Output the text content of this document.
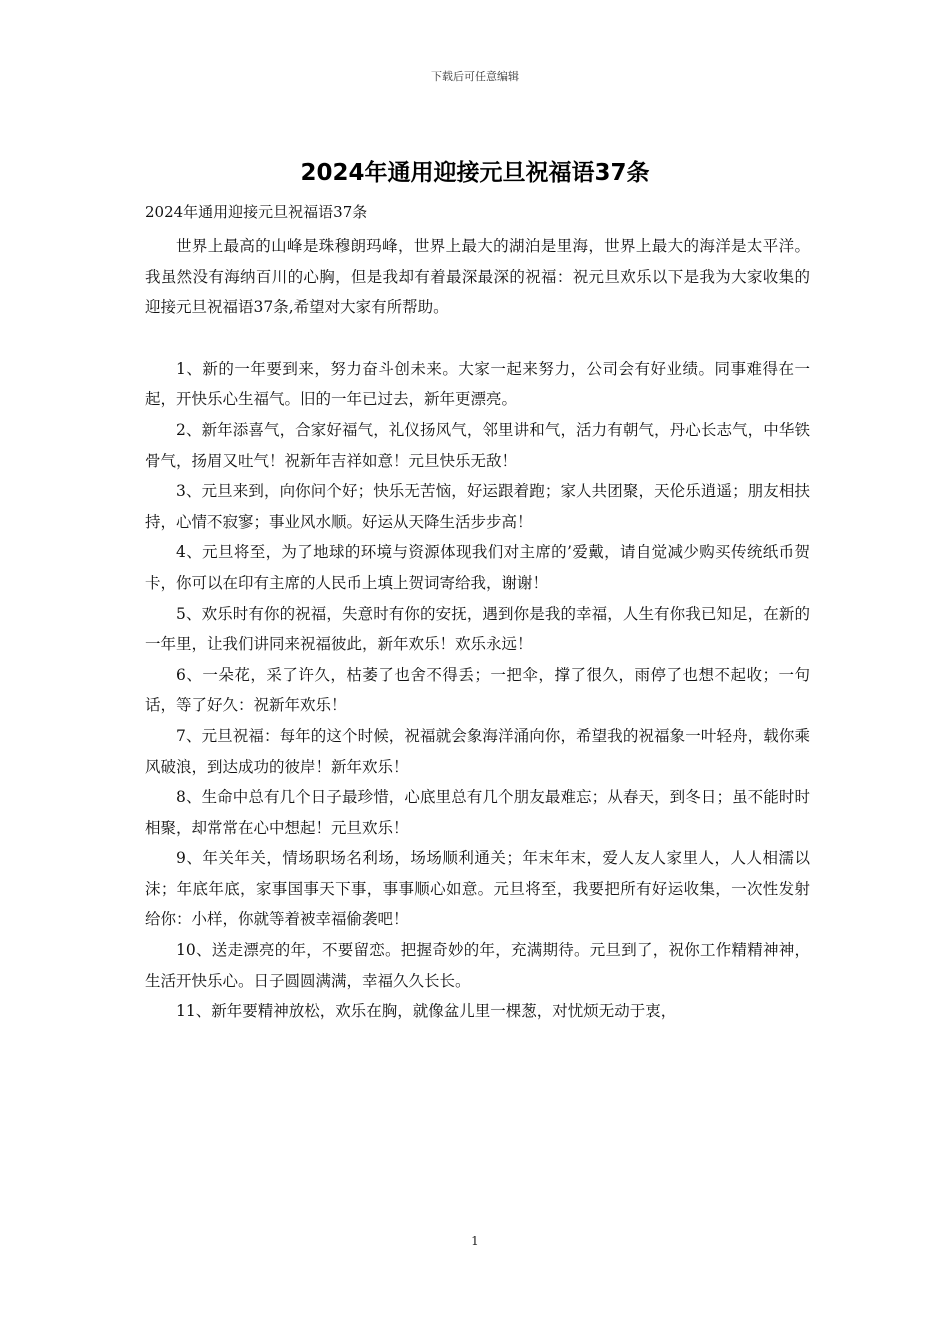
下载后可任意编辑
2024年通用迎接元旦祝福语37条

2024年通用迎接元旦祝福语37条

世界上最高的山峰是珠穆朗玛峰，世界上最大的湖泊是里海，世界上最大的海洋是太平洋。我虽然没有海纳百川的心胸，但是我却有着最深最深的祝福：祝元旦欢乐以下是我为大家收集的迎接元旦祝福语37条,希望对大家有所帮助。

1、新的一年要到来，努力奋斗创未来。大家一起来努力，公司会有好业绩。同事难得在一起，开快乐心生福气。旧的一年已过去，新年更漂亮。

2、新年添喜气，合家好福气，礼仪扬风气，邻里讲和气，活力有朝气，丹心长志气，中华铁骨气，扬眉又吐气！祝新年吉祥如意！元旦快乐无敌！

3、元旦来到，向你问个好；快乐无苦恼，好运跟着跑；家人共团聚，天伦乐逍遥；朋友相扶持，心情不寂寥；事业风水顺。好运从天降生活步步高！

4、元旦将至，为了地球的环境与资源体现我们对主席的’爱戴，请自觉减少购买传统纸币贺卡，你可以在印有主席的人民币上填上贺词寄给我，谢谢！

5、欢乐时有你的祝福，失意时有你的安抚，遇到你是我的幸福，人生有你我已知足，在新的一年里，让我们讲同来祝福彼此，新年欢乐！欢乐永远！

6、一朵花，采了许久，枯萎了也舍不得丢；一把伞，撑了很久，雨停了也想不起收；一句话，等了好久：祝新年欢乐！

7、元旦祝福：每年的这个时候，祝福就会象海洋涌向你，希望我的祝福象一叶轻舟，载你乘风破浪，到达成功的彼岸！新年欢乐！

8、生命中总有几个日子最珍惜，心底里总有几个朋友最难忘；从春天，到冬日；虽不能时时相聚，却常常在心中想起！元旦欢乐！

9、年关年关，情场职场名利场，场场顺利通关；年末年末，爱人友人家里人，人人相濡以沫；年底年底，家事国事天下事，事事顺心如意。元旦将至，我要把所有好运收集，一次性发射给你：小样，你就等着被幸福偷袭吧！

10、送走漂亮的年，不要留恋。把握奇妙的年，充满期待。元旦到了，祝你工作精精神神，生活开快乐心。日子圆圆满满，幸福久久长长。

11、新年要精神放松，欢乐在胸，就像盆儿里一棵葱，对忧烦无动于衷，

1
